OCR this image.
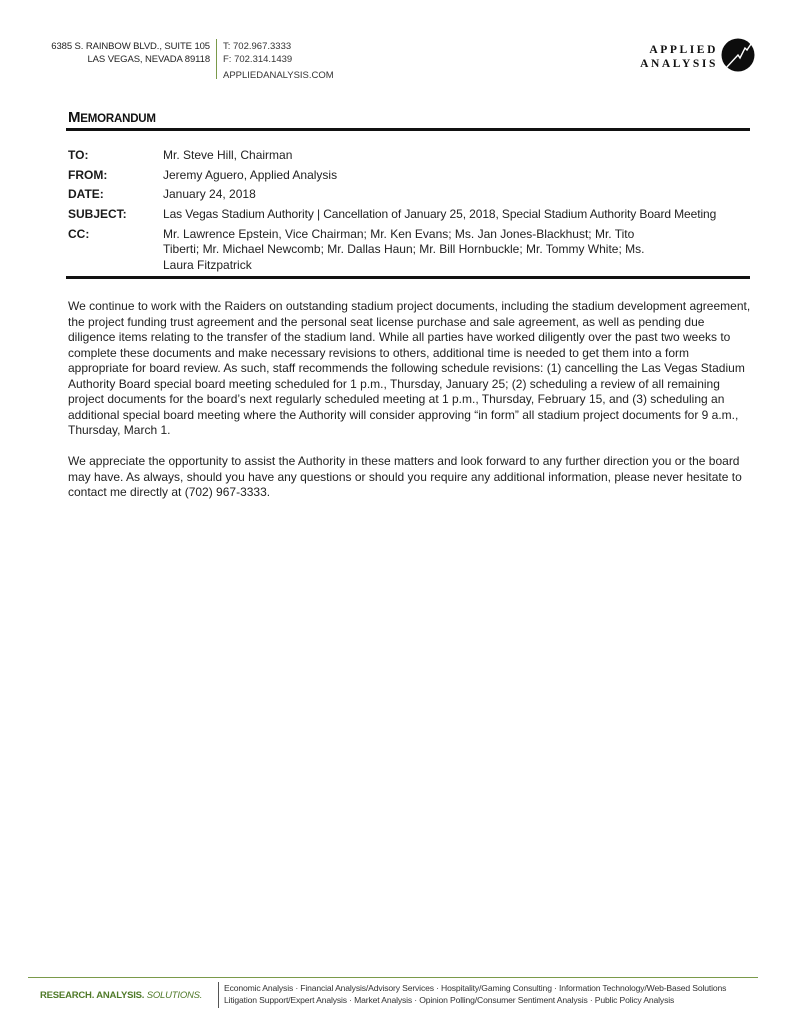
6385 S. RAINBOW BLVD., SUITE 105
LAS VEGAS, NEVADA 89118
T: 702.967.3333
F: 702.314.1439
APPLIEDANALYSIS.COM
APPLIED
ANALYSIS
MEMORANDUM
TO:	Mr. Steve Hill, Chairman
FROM:	Jeremy Aguero, Applied Analysis
DATE:	January 24, 2018
SUBJECT:	Las Vegas Stadium Authority | Cancellation of January 25, 2018, Special Stadium Authority Board Meeting
CC:	Mr. Lawrence Epstein, Vice Chairman; Mr. Ken Evans; Ms. Jan Jones-Blackhust; Mr. Tito Tiberti; Mr. Michael Newcomb; Mr. Dallas Haun; Mr. Bill Hornbuckle; Mr. Tommy White; Ms. Laura Fitzpatrick

We continue to work with the Raiders on outstanding stadium project documents, including the stadium development agreement, the project funding trust agreement and the personal seat license purchase and sale agreement, as well as pending due diligence items relating to the transfer of the stadium land. While all parties have worked diligently over the past two weeks to complete these documents and make necessary revisions to others, additional time is needed to get them into a form appropriate for board review. As such, staff recommends the following schedule revisions: (1) cancelling the Las Vegas Stadium Authority Board special board meeting scheduled for 1 p.m., Thursday, January 25; (2) scheduling a review of all remaining project documents for the board’s next regularly scheduled meeting at 1 p.m., Thursday, February 15, and (3) scheduling an additional special board meeting where the Authority will consider approving “in form” all stadium project documents for 9 a.m., Thursday, March 1.

We appreciate the opportunity to assist the Authority in these matters and look forward to any further direction you or the board may have. As always, should you have any questions or should you require any additional information, please never hesitate to contact me directly at (702) 967-3333.

RESEARCH. ANALYSIS. SOLUTIONS.
Economic Analysis · Financial Analysis/Advisory Services · Hospitality/Gaming Consulting · Information Technology/Web-Based Solutions
Litigation Support/Expert Analysis · Market Analysis · Opinion Polling/Consumer Sentiment Analysis · Public Policy Analysis
